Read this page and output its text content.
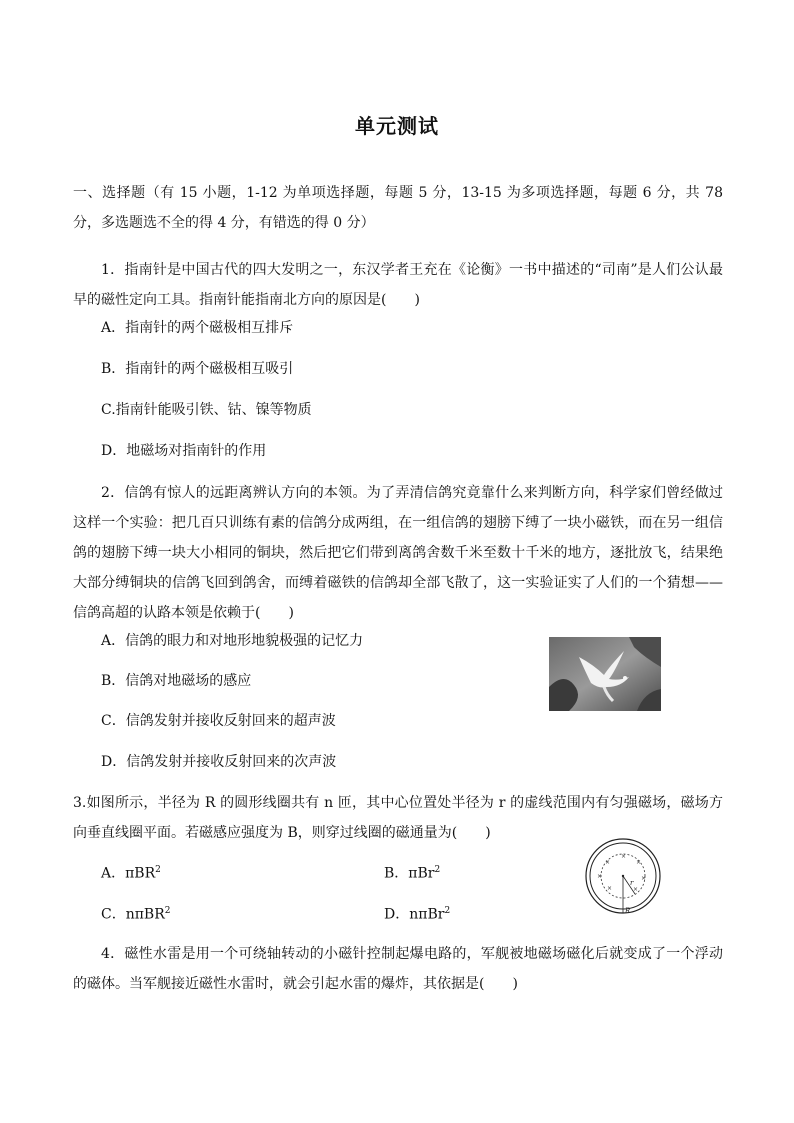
单元测试
一、选择题（有 15 小题，1-12 为单项选择题，每题 5 分，13-15 为多项选择题，每题 6 分，共 78 分，多选题选不全的得 4 分，有错选的得 0 分）
1．指南针是中国古代的四大发明之一，东汉学者王充在《论衡》一书中描述的“司南”是人们公认最早的磁性定向工具。指南针能指南北方向的原因是(　　)
A．指南针的两个磁极相互排斥
B．指南针的两个磁极相互吸引
C.指南针能吸引铁、钴、镍等物质
D．地磁场对指南针的作用
2．信鸽有惊人的远距离辨认方向的本领。为了弄清信鸽究竟靠什么来判断方向，科学家们曾经做过这样一个实验：把几百只训练有素的信鸽分成两组，在一组信鸽的翅膀下缚了一块小磁铁，而在另一组信鸽的翅膀下缚一块大小相同的铜块，然后把它们带到离鸽舍数千米至数十千米的地方，逐批放飞，结果绝大部分缚铜块的信鸽飞回到鸽舍，而缚着磁铁的信鸽却全部飞散了，这一实验证实了人们的一个猜想——信鸽高超的认路本领是依赖于(　　)
A．信鸽的眼力和对地形地貌极强的记忆力
B．信鸽对地磁场的感应
C．信鸽发射并接收反射回来的超声波
D．信鸽发射并接收反射回来的次声波
3.如图所示，半径为 R 的圆形线圈共有 n 匝，其中心位置处半径为 r 的虚线范围内有匀强磁场，磁场方向垂直线圈平面。若磁感应强度为 B，则穿过线圈的磁通量为(　　)
A．πBR$^2$	B．πBr$^2$
C．nπBR$^2$	D．nπBr$^2$
×
×
×
×
×	×
×
r
R
4．磁性水雷是用一个可绕轴转动的小磁针控制起爆电路的，军舰被地磁场磁化后就变成了一个浮动的磁体。当军舰接近磁性水雷时，就会引起水雷的爆炸，其依据是(　　)
